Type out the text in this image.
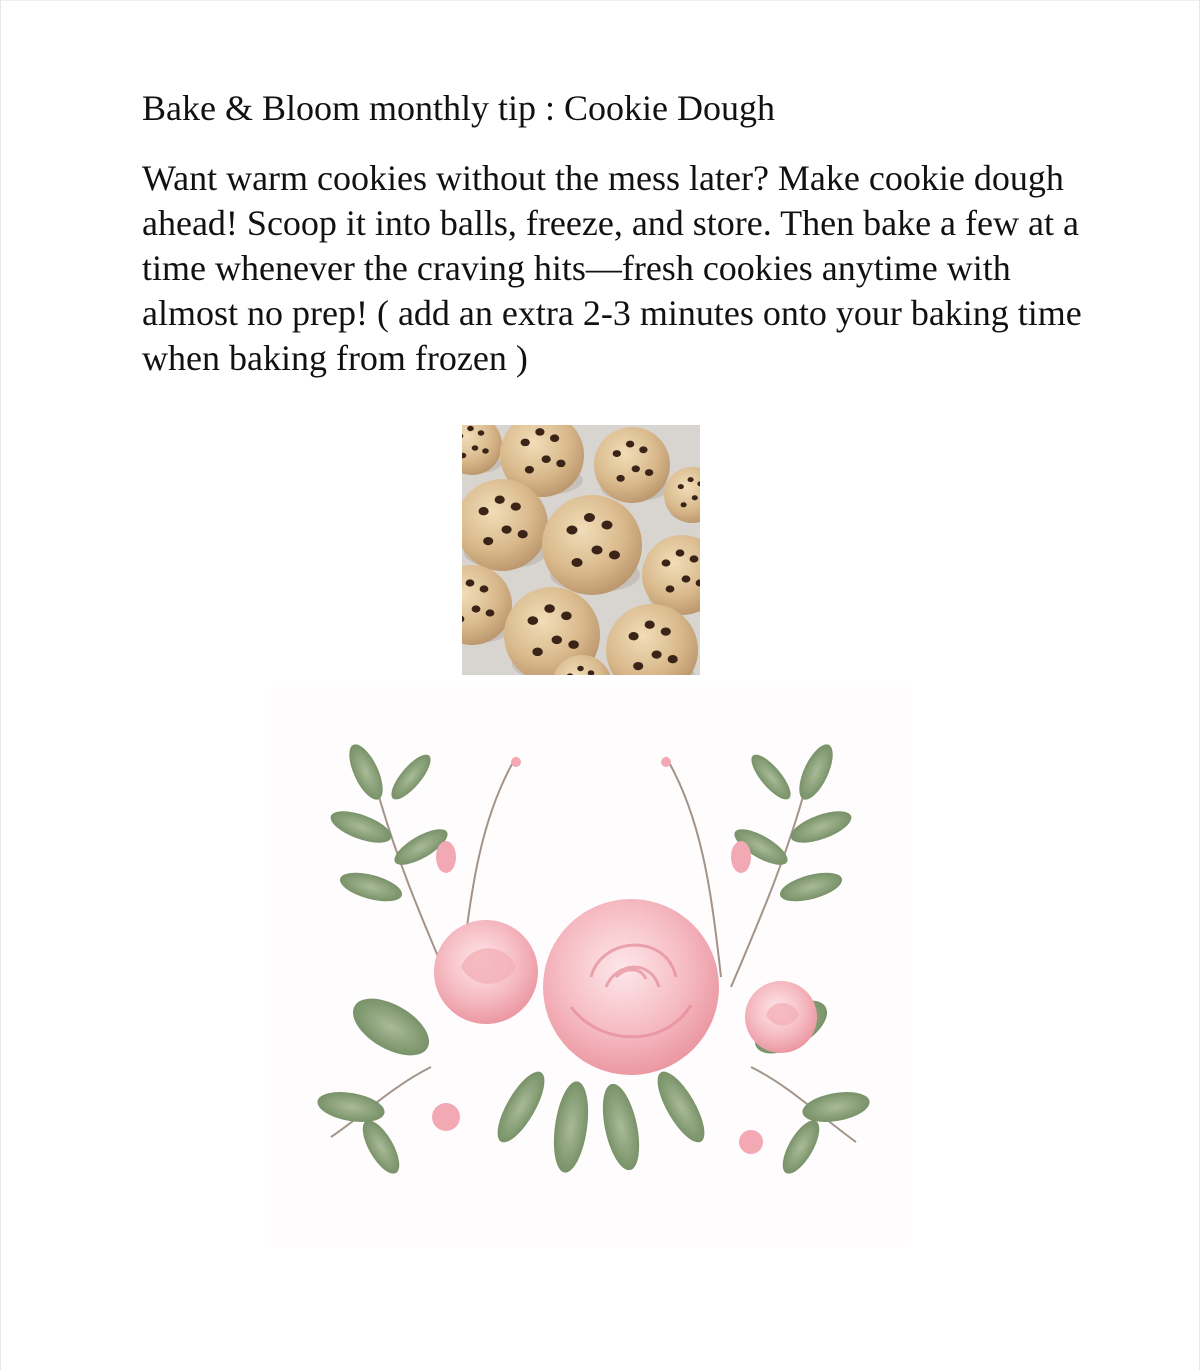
Bake & Bloom monthly tip : Cookie Dough

Want warm cookies without the mess later? Make cookie dough ahead! Scoop it into balls, freeze, and store. Then bake a few at a time whenever the craving hits—fresh cookies anytime with almost no prep! ( add an extra 2-3 minutes onto your baking time when baking from frozen )
